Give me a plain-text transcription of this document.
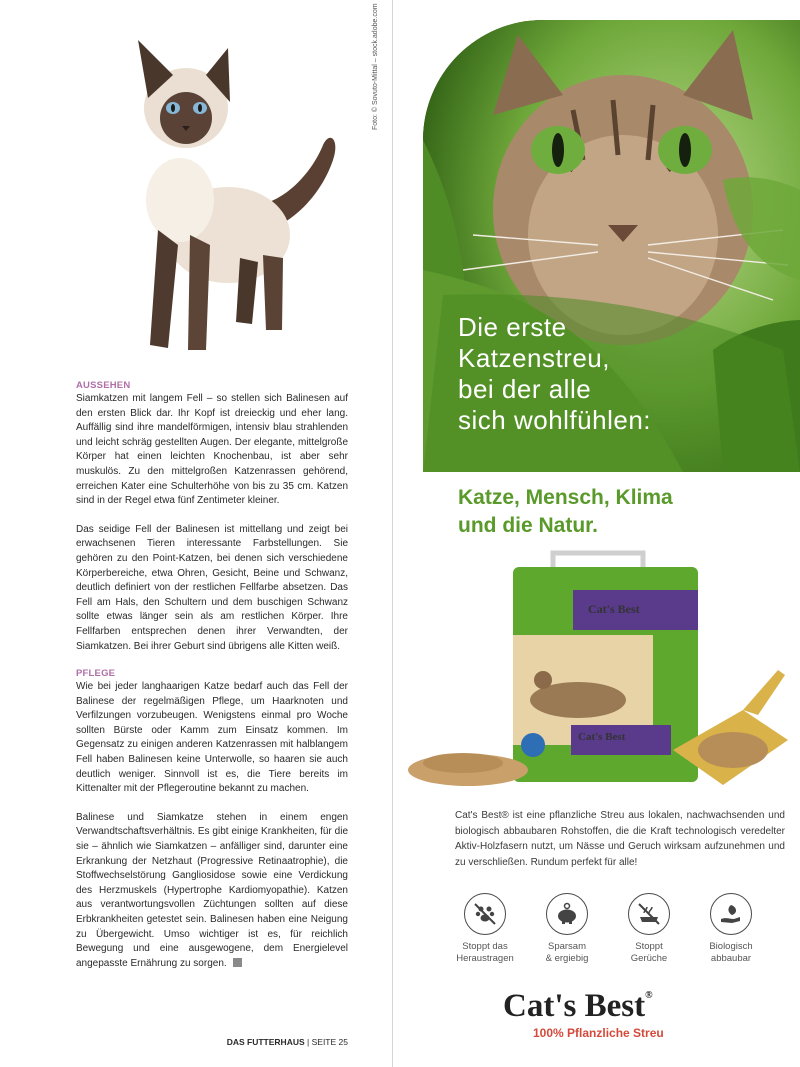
Foto: © Sovuto-Mittal – stock.adobe.com
AUSSEHEN

Siamkatzen mit langem Fell – so stellen sich Balinesen auf den ersten Blick dar. Ihr Kopf ist dreieckig und eher lang. Auffällig sind ihre mandelförmigen, intensiv blau strahlenden und leicht schräg gestellten Augen. Der elegante, mittelgroße Körper hat einen leichten Knochenbau, ist aber sehr muskulös. Zu den mittelgroßen Katzenrassen gehörend, erreichen Kater eine Schulterhöhe von bis zu 35 cm. Katzen sind in der Regel etwa fünf Zentimeter kleiner.

Das seidige Fell der Balinesen ist mittellang und zeigt bei erwachsenen Tieren interessante Farbstellungen. Sie gehören zu den Point-Katzen, bei denen sich verschiedene Körperbereiche, etwa Ohren, Gesicht, Beine und Schwanz, deutlich definiert von der restlichen Fellfarbe absetzen. Das Fell am Hals, den Schultern und dem buschigen Schwanz sollte etwas länger sein als am restlichen Körper. Ihre Fellfarben entsprechen denen ihrer Verwandten, der Siamkatzen. Bei ihrer Geburt sind übrigens alle Kitten weiß.

PFLEGE

Wie bei jeder langhaarigen Katze bedarf auch das Fell der Balinese der regelmäßigen Pflege, um Haarknoten und Verfilzungen vorzubeugen. Wenigstens einmal pro Woche sollten Bürste oder Kamm zum Einsatz kommen. Im Gegensatz zu einigen anderen Katzenrassen mit halblangem Fell haben Balinesen keine Unterwolle, so haaren sie auch deutlich weniger. Sinnvoll ist es, die Tiere bereits im Kittenalter mit der Pflegeroutine bekannt zu machen.

Balinese und Siamkatze stehen in einem engen Verwandtschaftsverhältnis. Es gibt einige Krankheiten, für die sie – ähnlich wie Siamkatzen – anfälliger sind, darunter eine Erkrankung der Netzhaut (Progressive Retinaatrophie), die Stoffwechselstörung Gangliosidose sowie eine Verdickung des Herzmuskels (Hypertrophe Kardiomyopathie). Katzen aus verantwortungsvollen Züchtungen sollten auf diese Erbkrankheiten getestet sein. Balinesen haben eine Neigung zu Übergewicht. Umso wichtiger ist es, für reichlich Bewegung und eine ausgewogene, dem Energielevel angepasste Ernährung zu sorgen.

DAS FUTTERHAUS | SEITE 25
Die erste
Katzenstreu,
bei der alle
sich wohlfühlen:
Katze, Mensch, Klima
und die Natur.
Cat's Best
Cat's Best

Cat's Best® ist eine pflanzliche Streu aus lokalen, nachwachsenden und biologisch abbaubaren Rohstoffen, die die Kraft technologisch veredelter Aktiv-Holzfasern nutzt, um Nässe und Geruch wirksam aufzunehmen und zu verschließen. Rundum perfekt für alle!

Stoppt das
Heraustragen
Sparsam
& ergiebig
Stoppt
Gerüche
Biologisch
abbaubar
Cat's Best®
100% Pflanzliche Streu
